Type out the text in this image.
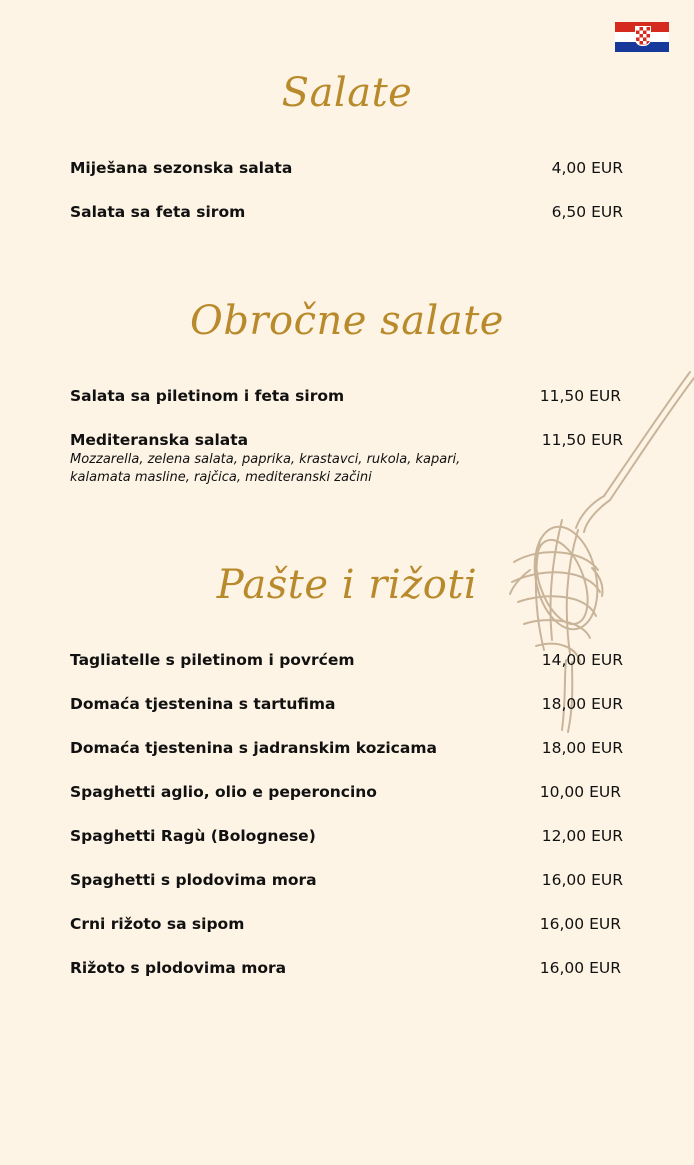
Salate
Miješana sezonska salata	4,00 EUR
Salata sa feta sirom	6,50 EUR
Obročne salate
Salata sa piletinom i feta sirom	11,50 EUR
Mediteranska salata	11,50 EUR
Mozzarella, zelena salata, paprika, krastavci, rukola, kapari, kalamata masline, rajčica, mediteranski začini
Pašte i rižoti
Tagliatelle s piletinom i povrćem	14,00 EUR
Domaća tjestenina s tartufima	18,00 EUR
Domaća tjestenina s jadranskim kozicama	18,00 EUR
Spaghetti aglio, olio e peperoncino	10,00 EUR
Spaghetti Ragù (Bolognese)	12,00 EUR
Spaghetti s plodovima mora	16,00 EUR
Crni rižoto sa sipom	16,00 EUR
Rižoto s plodovima mora	16,00 EUR
